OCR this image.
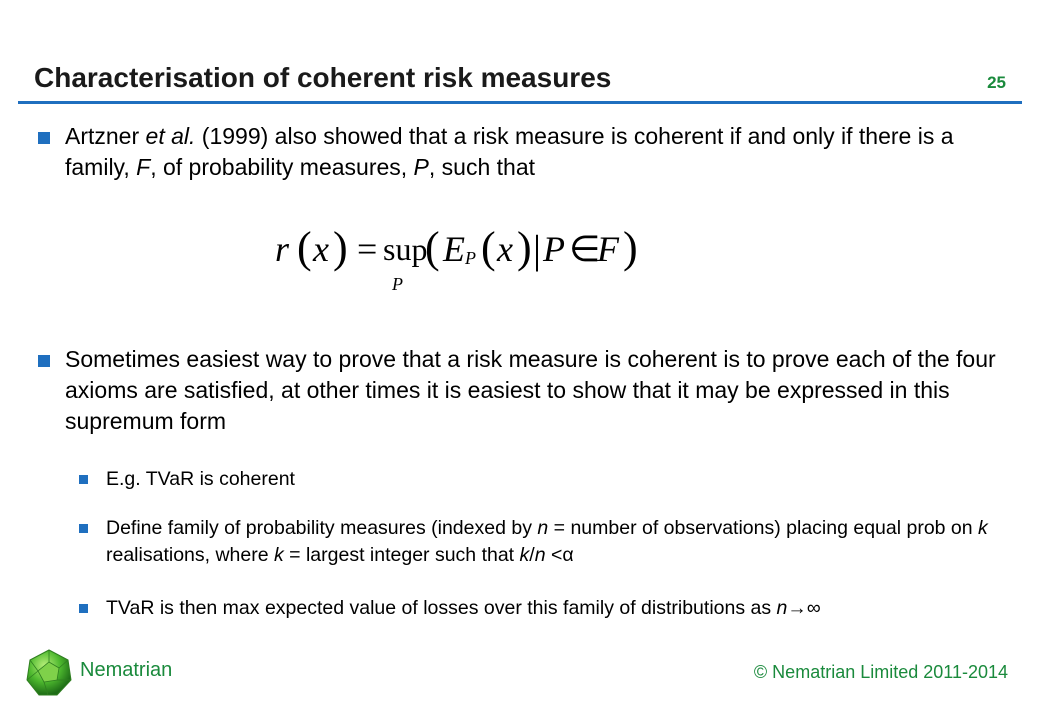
Characterisation of coherent risk measures	25
Artzner et al. (1999) also showed that a risk measure is coherent if and only if there is a family, F, of probability measures, P, such that
r ( x ) = sup
P
( E P ( x ) | P ∈
F )
Sometimes easiest way to prove that a risk measure is coherent is to prove each of the four axioms are satisfied, at other times it is easiest to show that it may be expressed in this supremum form
E.g. TVaR is coherent
Define family of probability measures (indexed by n = number of observations) placing equal prob on k realisations, where k = largest integer such that k/n <α
TVaR is then max expected value of losses over this family of distributions as n→∞
Nematrian	© Nematrian Limited 2011-2014
